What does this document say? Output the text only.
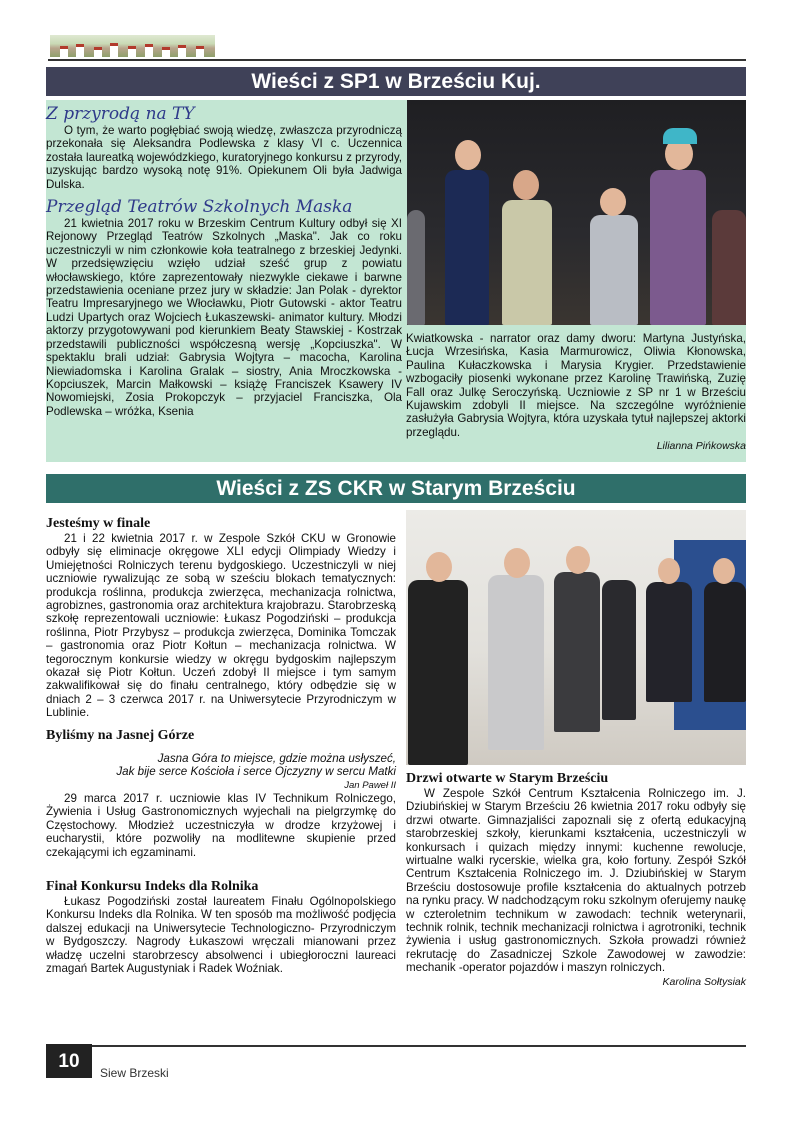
Wieści z SP1 w Brześciu Kuj.
Z przyrodą na TY

O tym, że warto pogłębiać swoją wiedzę, zwłaszcza przyrodniczą przekonała się Aleksandra Podlewska z klasy VI c. Uczennica została laureatką wojewódzkiego, kuratoryjnego konkursu z przyrody, uzyskując bardzo wysoką notę 91%. Opiekunem Oli była Jadwiga Dulska.

Przegląd Teatrów Szkolnych Maska

21 kwietnia 2017 roku w Brzeskim Centrum Kultury odbył się XI Rejonowy Przegląd Teatrów Szkolnych „Maska". Jak co roku uczestniczyli w nim członkowie koła teatralnego z brzeskiej Jedynki. W przedsięwzięciu wzięło udział sześć grup z powiatu włocławskiego, które zaprezentowały niezwykle ciekawe i barwne przedstawienia oceniane przez jury w składzie: Jan Polak - dyrektor Teatru Impresaryjnego we Włocławku, Piotr Gutowski - aktor Teatru Ludzi Upartych oraz Wojciech Łukaszewski- animator kultury. Młodzi aktorzy przygotowywani pod kierunkiem Beaty Stawskiej - Kostrzak przedstawili publiczności współczesną wersję „Kopciuszka". W spektaklu brali udział: Gabrysia Wojtyra – macocha, Karolina Niewiadomska i Karolina Gralak – siostry, Ania Mroczkowska - Kopciuszek, Marcin Małkowski – książę Franciszek Ksawery IV Nowomiejski, Zosia Prokopczyk – przyjaciel Franciszka, Ola Podlewska – wróżka, Ksenia

Kwiatkowska - narrator oraz damy dworu: Martyna Justyńska, Łucja Wrzesińska, Kasia Marmurowicz, Oliwia Kłonowska, Paulina Kułaczkowska i Marysia Krygier. Przedstawienie wzbogaciły piosenki wykonane przez Karolinę Trawińską, Zuzię Fall oraz Julkę Seroczyńską. Uczniowie z SP nr 1 w Brześciu Kujawskim zdobyli II miejsce. Na szczególne wyróżnienie zasłużyła Gabrysia Wojtyra, która uzyskała tytuł najlepszej aktorki przeglądu.

Lilianna Pińkowska
Wieści z ZS CKR w Starym Brześciu
Jesteśmy w finale

21 i 22 kwietnia 2017 r. w Zespole Szkół CKU w Gronowie odbyły się eliminacje okręgowe XLI edycji Olimpiady Wiedzy i Umiejętności Rolniczych terenu bydgoskiego. Uczestniczyli w niej uczniowie rywalizując ze sobą w sześciu blokach tematycznych: produkcja roślinna, produkcja zwierzęca, mechanizacja rolnictwa, agrobiznes, gastronomia oraz architektura krajobrazu. Starobrzeską szkołę reprezentowali uczniowie: Łukasz Pogodziński – produkcja roślinna, Piotr Przybysz – produkcja zwierzęca, Dominika Tomczak – gastronomia oraz Piotr Kołtun – mechanizacja rolnictwa. W tegorocznym konkursie wiedzy w okręgu bydgoskim najlepszym okazał się Piotr Kołtun. Uczeń zdobył II miejsce i tym samym zakwalifikował się do finału centralnego, który odbędzie się w dniach 2 – 3 czerwca 2017 r. na Uniwersytecie Przyrodniczym w Lublinie.

Byliśmy na Jasnej Górze
Jasna Góra to miejsce, gdzie można usłyszeć,
Jak bije serce Kościoła i serce Ojczyzny w sercu Matki
Jan Paweł II

29 marca 2017 r. uczniowie klas IV Technikum Rolniczego, Żywienia i Usług Gastronomicznych wyjechali na pielgrzymkę do Częstochowy. Młodzież uczestniczyła w drodze krzyżowej i eucharystii, które pozwoliły na modlitewne skupienie przed czekającymi ich egzaminami.

Finał Konkursu Indeks dla Rolnika

Łukasz Pogodziński został laureatem Finału Ogólnopolskiego Konkursu Indeks dla Rolnika. W ten sposób ma możliwość podjęcia dalszej edukacji na Uniwersytecie Technologiczno- Przyrodniczym w Bydgoszczy. Nagrody Łukaszowi wręczali mianowani przez władzę uczelni starobrzescy absolwenci i ubiegłoroczni laureaci zmagań Bartek Augustyniak i Radek Woźniak.

Drzwi otwarte w Starym Brześciu

W Zespole Szkół Centrum Kształcenia Rolniczego im. J. Dziubińskiej w Starym Brześciu 26 kwietnia 2017 roku odbyły się drzwi otwarte. Gimnazjaliści zapoznali się z ofertą edukacyjną starobrzeskiej szkoły, kierunkami kształcenia, uczestniczyli w konkursach i quizach między innymi: kuchenne rewolucje, wirtualne walki rycerskie, wielka gra, koło fortuny. Zespół Szkół Centrum Kształcenia Rolniczego im. J. Dziubińskiej w Starym Brześciu dostosowuje profile kształcenia do aktualnych potrzeb na rynku pracy. W nadchodzącym roku szkolnym oferujemy naukę w czteroletnim technikum w zawodach: technik weterynarii, technik rolnik, technik mechanizacji rolnictwa i agrotroniki, technik żywienia i usług gastronomicznych. Szkoła prowadzi również rekrutację do Zasadniczej Szkole Zawodowej w zawodzie: mechanik -operator pojazdów i maszyn rolniczych.

Karolina Sołtysiak
10
Siew Brzeski
